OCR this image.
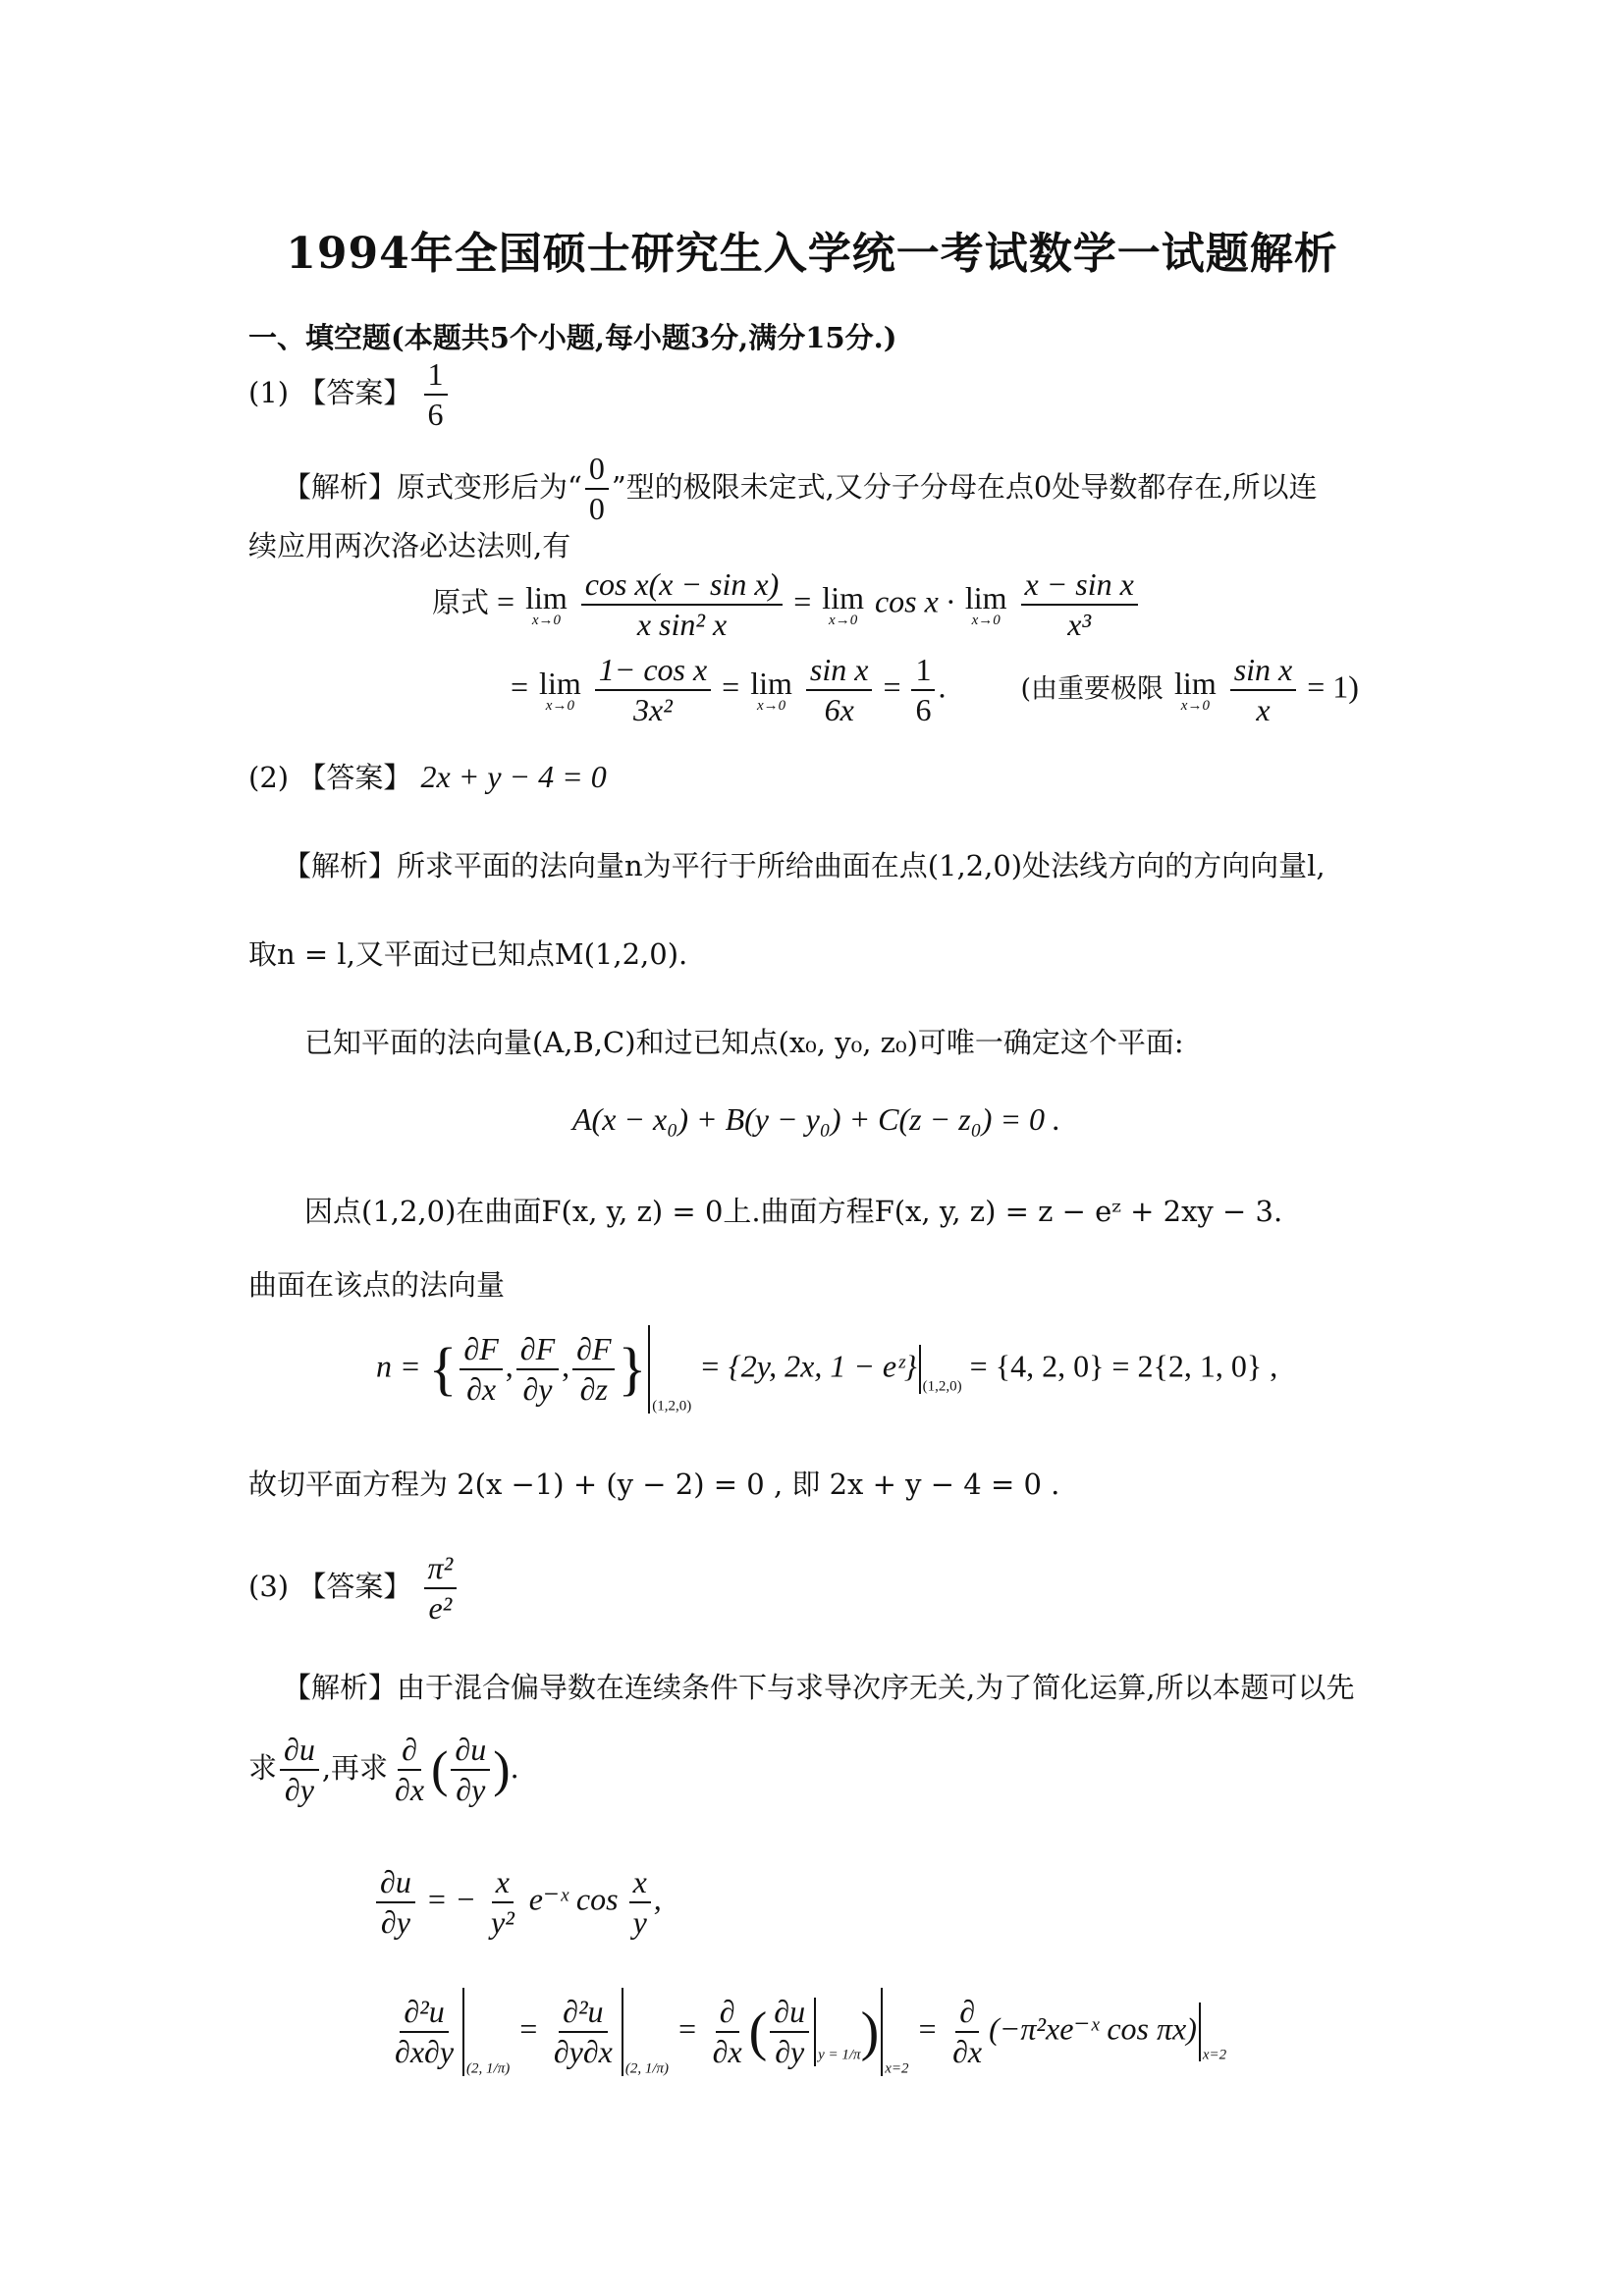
1994年全国硕士研究生入学统一考试数学一试题解析
一、填空题(本题共5个小题,每小题3分,满分15分.)
(1) 【答案】 $\frac{1}{6}$
【解析】原式变形后为“ $\frac{0}{0}$ ”型的极限未定式,又分子分母在点0处导数都存在,所以连
续应用两次洛必达法则,有
原式 = lim
x→0
$\frac{\text{cos x(x − sin x)}}{\text{x sin² x}} = \lim$
x→0
cos x · lim
x→0
$\frac{\text{x − sin x}}{\text{x³}}$
= lim
x→0
$\frac{\text{1− cos x}}{\text{3x²}} = \lim$
x→0
$\frac{\text{sin x}}{6x} = \frac{1}{6}$ .	(由重要极限 lim
x→0
$\frac{\text{sin x}}{x} = 1$)
(2) 【答案】 2x + y − 4 = 0
【解析】所求平面的法向量n为平行于所给曲面在点(1,2,0)处法线方向的方向向量l,
取n = l,又平面过已知点M(1,2,0).
已知平面的法向量(A,B,C)和过已知点(x₀, y₀, z₀)可唯一确定这个平面:
A(x − x₀) + B(y − y₀) + C(z − z₀) = 0 .
因点(1,2,0)在曲面F(x, y, z) = 0上.曲面方程F(x, y, z) = z − eᶻ + 2xy − 3.
曲面在该点的法向量
n = { $\frac{\partial F}{\partial x}$ , $\frac{\partial F}{\partial y}$ , $\frac{\partial F}{\partial z} \}_{(1,2,0)} = \{2y$, 2x, $1 - eᶻ\}_{(1,2,0)} = \{4$, 2, 0} = 2{2, 1, 0} ,
故切平面方程为 2(x −1) + (y − 2) = 0 , 即 2x + y − 4 = 0 .
(3) 【答案】 $\frac{\text{π²}}{\text{e²}}$
【解析】由于混合偏导数在连续条件下与求导次序无关,为了简化运算,所以本题可以先
求 $\frac{\partial u}{\partial y}$ ,再求 $\frac{\partial}{\partial x}$ ( $\frac{\partial u}{\partial y}$ ).
$\frac{\partial u}{\partial y}$ = − $\frac{x}{\text{y²}}$ e⁻ˣ $\cos \frac{x}{y}$ ,
$\frac{\text{∂²u}}{\partial x\partial y} _{(2, 1/\pi)} = \frac{\text{∂²u}}{\partial y\partial x} _{(2, 1/\pi)} = \frac{\partial}{\partial x}$ ( $\frac{\partial u}{\partial y} _{y = 1/\pi})_{x=2} = \frac{\partial}{\partial x}$ (−π²xe⁻ˣ $\cos \pi x)_{x=2}$
